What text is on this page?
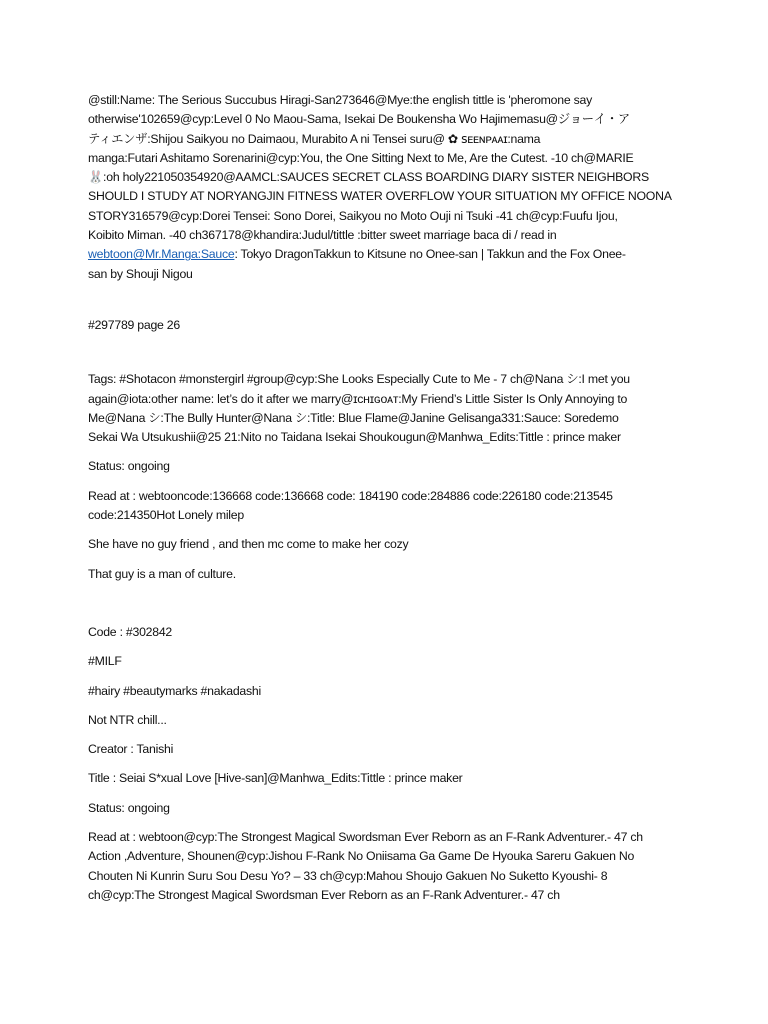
@still:Name: The Serious Succubus Hiragi-San273646@Mye:the english tittle is 'pheromone say
otherwise'102659@cyp:Level 0 No Maou-Sama, Isekai De Boukensha Wo Hajimemasu@ジョーイ・ア
ティエンザ:Shijou Saikyou no Daimaou, Murabito A ni Tensei suru@ ✿ ꜱᴇᴇɴᴘᴀᴀɪ:nama
manga:Futari Ashitamo Sorenarini@cyp:You, the One Sitting Next to Me, Are the Cutest. -10 ch@MARIE
🐰:oh holy221050354920@AAMCL:SAUCES SECRET CLASS BOARDING DIARY SISTER NEIGHBORS
SHOULD I STUDY AT NORYANGJIN FITNESS WATER OVERFLOW YOUR SITUATION MY OFFICE NOONA
STORY316579@cyp:Dorei Tensei: Sono Dorei, Saikyou no Moto Ouji ni Tsuki -41 ch@cyp:Fuufu Ijou,
Koibito Miman. -40 ch367178@khandira:Judul/tittle :bitter sweet marriage baca di / read in
webtoon@Mr.Manga:Sauce: Tokyo DragonTakkun to Kitsune no Onee-san | Takkun and the Fox Onee-
san by Shouji Nigou
#297789 page 26
Tags: #Shotacon #monstergirl #group@cyp:She Looks Especially Cute to Me - 7 ch@Nana シ:I met you
again@iota:other name: let’s do it after we marry@ɪᴄʜɪɢᴏᴀᴛ:My Friend’s Little Sister Is Only Annoying to
Me@Nana シ:The Bully Hunter@Nana シ:Title: Blue Flame@Janine Gelisanga331:Sauce: Soredemo
Sekai Wa Utsukushii@25 21:Nito no Taidana Isekai Shoukougun@Manhwa_Edits:Tittle : prince maker
Status: ongoing
Read at : webtooncode:136668 code:136668 code: 184190 code:284886 code:226180 code:213545
code:214350Hot Lonely milep
She have no guy friend , and then mc come to make her cozy
That guy is a man of culture.
Code : #302842
#MILF
#hairy #beautymarks #nakadashi
Not NTR chill...
Creator : Tanishi
Title : Seiai S*xual Love [Hive-san]@Manhwa_Edits:Tittle : prince maker
Status: ongoing
Read at : webtoon@cyp:The Strongest Magical Swordsman Ever Reborn as an F-Rank Adventurer.- 47 ch
Action ,Adventure, Shounen@cyp:Jishou F-Rank No Oniisama Ga Game De Hyouka Sareru Gakuen No
Chouten Ni Kunrin Suru Sou Desu Yo? – 33 ch@cyp:Mahou Shoujo Gakuen No Suketto Kyoushi- 8
ch@cyp:The Strongest Magical Swordsman Ever Reborn as an F-Rank Adventurer.- 47 ch
